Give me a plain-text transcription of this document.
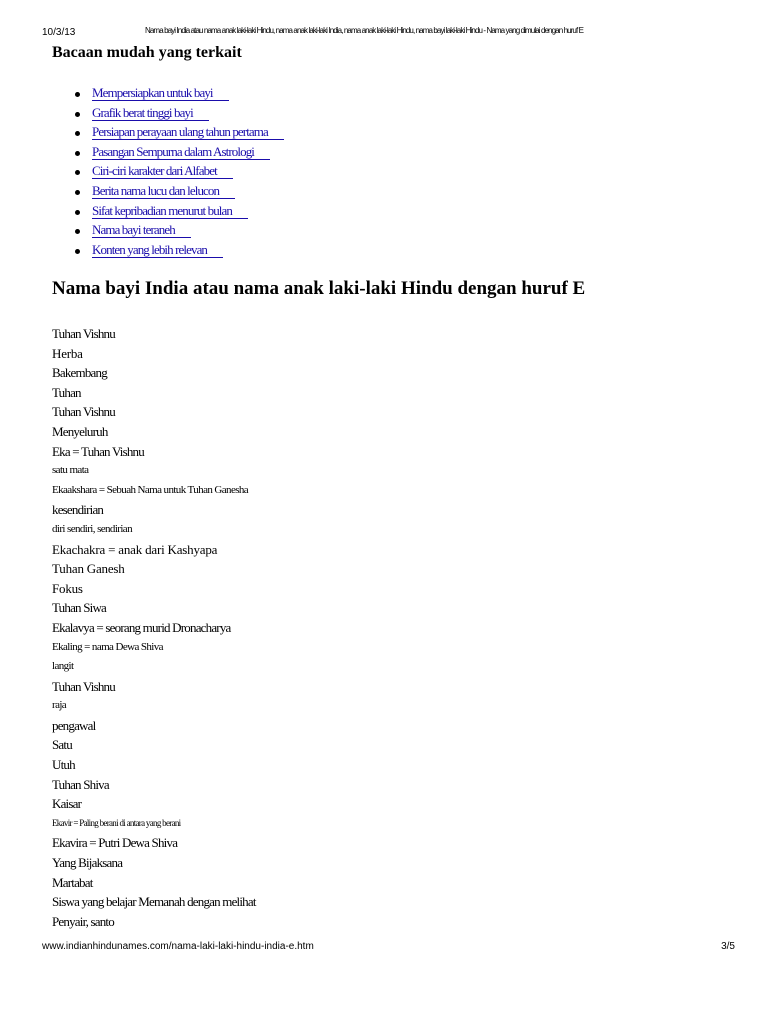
10/3/13	Nama bayi India atau nama anak laki-laki Hindu, nama anak laki-laki India, nama anak laki-laki Hindu, nama bayi laki-laki Hindu - Nama yang dimulai dengan huruf E
Bacaan mudah yang terkait
Mempersiapkan untuk bayi
Grafik berat tinggi bayi
Persiapan perayaan ulang tahun pertama
Pasangan Sempurna dalam Astrologi
Ciri-ciri karakter dari Alfabet
Berita nama lucu dan lelucon
Sifat kepribadian menurut bulan
Nama bayi teraneh
Konten yang lebih relevan
Nama bayi India atau nama anak laki-laki Hindu dengan huruf E
Tuhan Vishnu
Herba
Bakembang
Tuhan
Tuhan Vishnu
Menyeluruh
Eka = Tuhan Vishnu
satu mata
Ekaakshara = Sebuah Nama untuk Tuhan Ganesha
kesendirian
diri sendiri, sendirian
Ekachakra = anak dari Kashyapa
Tuhan Ganesh
Fokus
Tuhan Siwa
Ekalavya = seorang murid Dronacharya
Ekaling = nama Dewa Shiva
langit
Tuhan Vishnu
raja
pengawal
Satu
Utuh
Tuhan Shiva
Kaisar
Ekavir = Paling berani di antara yang berani
Ekavira = Putri Dewa Shiva
Yang Bijaksana
Martabat
Siswa yang belajar Memanah dengan melihat
Penyair, santo
www.indianhindunames.com/nama-laki-laki-hindu-india-e.htm	3/5
